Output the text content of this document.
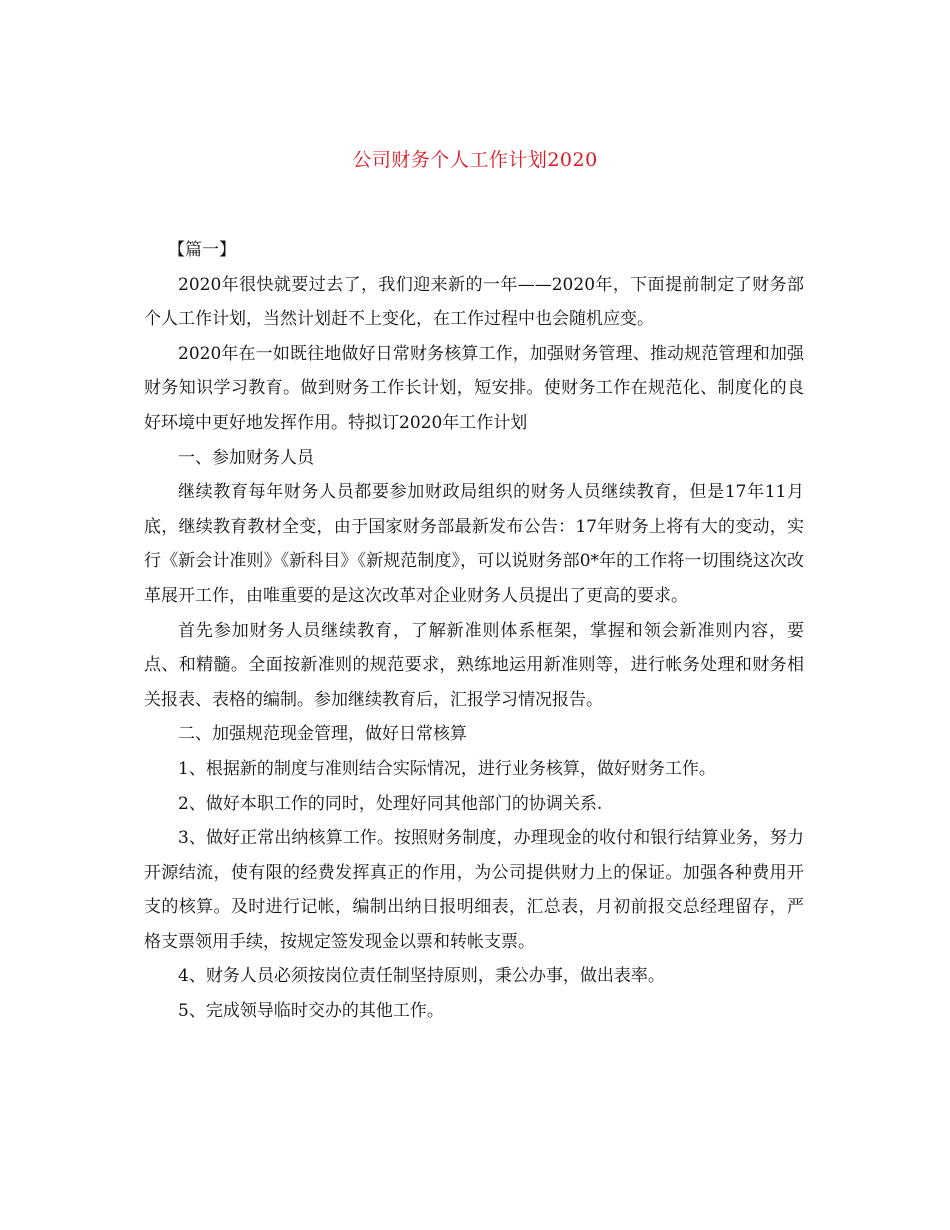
公司财务个人工作计划2020

【篇一】

2020年很快就要过去了，我们迎来新的一年——2020年，下面提前制定了财务部个人工作计划，当然计划赶不上变化，在工作过程中也会随机应变。

2020年在一如既往地做好日常财务核算工作，加强财务管理、推动规范管理和加强财务知识学习教育。做到财务工作长计划，短安排。使财务工作在规范化、制度化的良好环境中更好地发挥作用。特拟订2020年工作计划

一、参加财务人员

继续教育每年财务人员都要参加财政局组织的财务人员继续教育，但是17年11月底，继续教育教材全变，由于国家财务部最新发布公告：17年财务上将有大的变动，实行《新会计准则》《新科目》《新规范制度》，可以说财务部0*年的工作将一切围绕这次改革展开工作，由唯重要的是这次改革对企业财务人员提出了更高的要求。

首先参加财务人员继续教育，了解新准则体系框架，掌握和领会新准则内容，要点、和精髓。全面按新准则的规范要求，熟练地运用新准则等，进行帐务处理和财务相关报表、表格的编制。参加继续教育后，汇报学习情况报告。

二、加强规范现金管理，做好日常核算

1、根据新的制度与准则结合实际情况，进行业务核算，做好财务工作。

2、做好本职工作的同时，处理好同其他部门的协调关系.

3、做好正常出纳核算工作。按照财务制度，办理现金的收付和银行结算业务，努力开源结流，使有限的经费发挥真正的作用，为公司提供财力上的保证。加强各种费用开支的核算。及时进行记帐，编制出纳日报明细表，汇总表，月初前报交总经理留存，严格支票领用手续，按规定签发现金以票和转帐支票。

4、财务人员必须按岗位责任制坚持原则，秉公办事，做出表率。

5、完成领导临时交办的其他工作。
